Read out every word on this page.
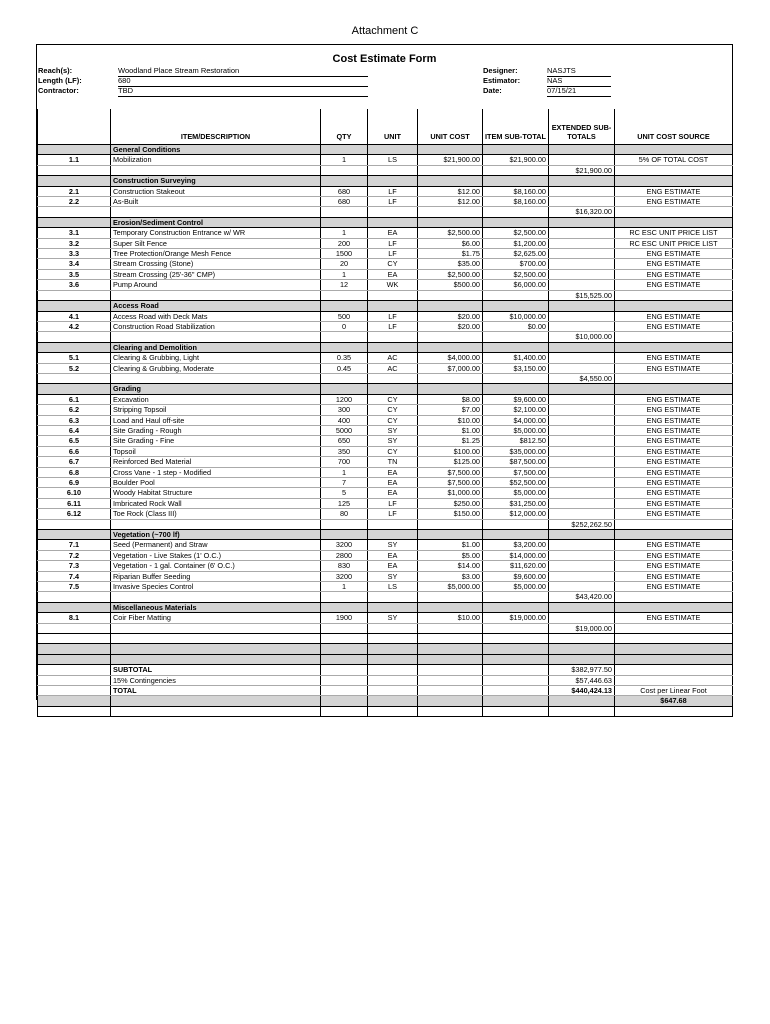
Attachment C
Cost Estimate Form
Reach(s):	Woodland Place Stream Restoration
Length (LF):	680
Contractor:	TBD
Designer:	NASJTS
Estimator:	NAS
Date:	07/15/21
	ITEM/DESCRIPTION	QTY	UNIT	UNIT COST	ITEM SUB-TOTAL	EXTENDED SUB-TOTALS	UNIT COST SOURCE
	General Conditions						
1.1	Mobilization	1	LS	$21,900.00	$21,900.00		5% OF TOTAL COST
						$21,900.00	
	Construction Surveying						
2.1	Construction Stakeout	680	LF	$12.00	$8,160.00		ENG ESTIMATE
2.2	As-Built	680	LF	$12.00	$8,160.00		ENG ESTIMATE
						$16,320.00	
	Erosion/Sediment Control						
3.1	Temporary Construction Entrance w/ WR	1	EA	$2,500.00	$2,500.00		RC ESC UNIT PRICE LIST
3.2	Super Silt Fence	200	LF	$6.00	$1,200.00		RC ESC UNIT PRICE LIST
3.3	Tree Protection/Orange Mesh Fence	1500	LF	$1.75	$2,625.00		ENG ESTIMATE
3.4	Stream Crossing (Stone)	20	CY	$35.00	$700.00		ENG ESTIMATE
3.5	Stream Crossing (25'-36" CMP)	1	EA	$2,500.00	$2,500.00		ENG ESTIMATE
3.6	Pump Around	12	WK	$500.00	$6,000.00		ENG ESTIMATE
						$15,525.00	
	Access Road						
4.1	Access Road with Deck Mats	500	LF	$20.00	$10,000.00		ENG ESTIMATE
4.2	Construction Road Stabilization	0	LF	$20.00	$0.00		ENG ESTIMATE
						$10,000.00	
	Clearing and Demolition						
5.1	Clearing & Grubbing, Light	0.35	AC	$4,000.00	$1,400.00		ENG ESTIMATE
5.2	Clearing & Grubbing, Moderate	0.45	AC	$7,000.00	$3,150.00		ENG ESTIMATE
						$4,550.00	
	Grading						
6.1	Excavation	1200	CY	$8.00	$9,600.00		ENG ESTIMATE
6.2	Stripping Topsoil	300	CY	$7.00	$2,100.00		ENG ESTIMATE
6.3	Load and Haul off-site	400	CY	$10.00	$4,000.00		ENG ESTIMATE
6.4	Site Grading - Rough	5000	SY	$1.00	$5,000.00		ENG ESTIMATE
6.5	Site Grading - Fine	650	SY	$1.25	$812.50		ENG ESTIMATE
6.6	Topsoil	350	CY	$100.00	$35,000.00		ENG ESTIMATE
6.7	Reinforced Bed Material	700	TN	$125.00	$87,500.00		ENG ESTIMATE
6.8	Cross Vane - 1 step - Modified	1	EA	$7,500.00	$7,500.00		ENG ESTIMATE
6.9	Boulder Pool	7	EA	$7,500.00	$52,500.00		ENG ESTIMATE
6.10	Woody Habitat Structure	5	EA	$1,000.00	$5,000.00		ENG ESTIMATE
6.11	Imbricated Rock Wall	125	LF	$250.00	$31,250.00		ENG ESTIMATE
6.12	Toe Rock (Class III)	80	LF	$150.00	$12,000.00		ENG ESTIMATE
						$252,262.50	
	Vegetation (~700 lf)						
7.1	Seed (Permanent) and Straw	3200	SY	$1.00	$3,200.00		ENG ESTIMATE
7.2	Vegetation - Live Stakes (1' O.C.)	2800	EA	$5.00	$14,000.00		ENG ESTIMATE
7.3	Vegetation - 1 gal. Container (6' O.C.)	830	EA	$14.00	$11,620.00		ENG ESTIMATE
7.4	Riparian Buffer Seeding	3200	SY	$3.00	$9,600.00		ENG ESTIMATE
7.5	Invasive Species Control	1	LS	$5,000.00	$5,000.00		ENG ESTIMATE
						$43,420.00	
	Miscellaneous Materials						
8.1	Coir Fiber Matting	1900	SY	$10.00	$19,000.00		ENG ESTIMATE
						$19,000.00	

	SUBTOTAL					$382,977.50	
	15% Contingencies					$57,446.63	
	TOTAL					$440,424.13	Cost per Linear Foot
							$647.68
